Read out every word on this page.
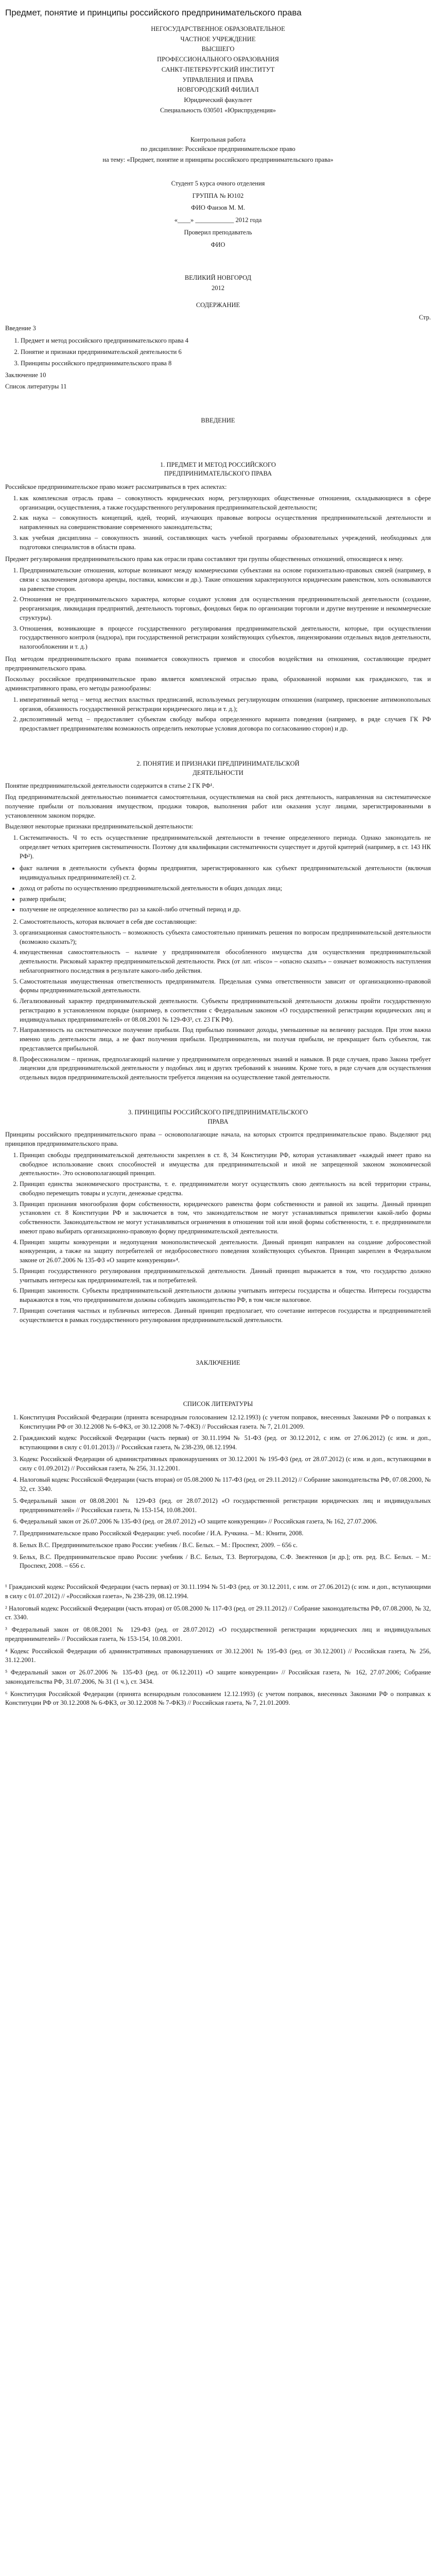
Предмет, понятие и принципы российского предпринимательского права

НЕГОСУДАРСТВЕННОЕ ОБРАЗОВАТЕЛЬНОЕ

ЧАСТНОЕ УЧРЕЖДЕНИЕ

ВЫСШЕГО

ПРОФЕССИОНАЛЬНОГО ОБРАЗОВАНИЯ

САНКТ-ПЕТЕРБУРГСКИЙ ИНСТИТУТ

УПРАВЛЕНИЯ И ПРАВА

НОВГОРОДСКИЙ ФИЛИАЛ

Юридический факультет

Специальность 030501 «Юриспруденция»

Контрольная работа

по дисциплине: Российское предпринимательское право

на тему: «Предмет, понятие и принципы российского предпринимательского права»

Студент 5 курса очного отделения

ГРУППА № Ю102

ФИО Фаизов М. М.

«____» ____________ 2012 года

Проверил преподаватель

ФИО

ВЕЛИКИЙ НОВГОРОД

2012

СОДЕРЖАНИЕ

Стр.

Введение 3

1. Предмет и метод российского предпринимательского права 4
2. Понятие и признаки предпринимательской деятельности 6
3. Принципы российского предпринимательского права 8

Заключение 10

Список литературы 11

ВВЕДЕНИЕ

1. ПРЕДМЕТ И МЕТОД РОССИЙСКОГО

ПРЕДПРИНИМАТЕЛЬСКОГО ПРАВА

Российское предпринимательское право может рассматриваться в трех аспектах:

1. как комплексная отрасль права – совокупность юридических норм, регулирующих общественные отношения, складывающиеся в сфере организации, осуществления, а также государственного регулирования предпринимательской деятельности;
2. как наука – совокупность концепций, идей, теорий, изучающих правовые вопросы осуществления предпринимательской деятельности и направленных на совершенствование современного законодательства;
3. как учебная дисциплина – совокупность знаний, составляющих часть учебной программы образовательных учреждений, необходимых для подготовки специалистов в области права.

Предмет регулирования предпринимательского права как отрасли права составляют три группы общественных отношений, относящиеся к нему.

1. Предпринимательские отношения, которые возникают между коммерческими субъектами на основе горизонтально-правовых связей (например, в связи с заключением договора аренды, поставки, комиссии и др.). Такие отношения характеризуются юридическим равенством, хоть основываются на равенстве сторон.
2. Отношения не предпринимательского характера, которые создают условия для осуществления предпринимательской деятельности (создание, реорганизация, ликвидация предприятий, деятельность торговых, фондовых бирж по организации торговли и другие внутренние и некоммерческие структуры).
3. Отношения, возникающие в процессе государственного регулирования предпринимательской деятельности, которые, при осуществлении государственного контроля (надзора), при государственной регистрации хозяйствующих субъектов, лицензировании отдельных видов деятельности, налогообложении и т. д.)

Под методом предпринимательского права понимается совокупность приемов и способов воздействия на отношения, составляющие предмет предпринимательского права.

Поскольку российское предпринимательское право является комплексной отраслью права, образованной нормами как гражданского, так и административного права, его методы разнообразны:

1. императивный метод – метод жестких властных предписаний, используемых регулирующим отношения (например, присвоение антимонопольных органов, обязанность государственной регистрации юридического лица и т. д.);
2. диспозитивный метод – предоставляет субъектам свободу выбора определенного варианта поведения (например, в ряде случаев ГК РФ предоставляет предпринимателям возможность определить некоторые условия договора по согласованию сторон) и др.

2. ПОНЯТИЕ И ПРИЗНАКИ ПРЕДПРИНИМАТЕЛЬСКОЙ

ДЕЯТЕЛЬНОСТИ

Понятие предпринимательской деятельности содержится в статье 2 ГК РФ¹.

Под предпринимательской деятельностью понимается самостоятельная, осуществляемая на свой риск деятельность, направленная на систематическое получение прибыли от пользования имуществом, продажи товаров, выполнения работ или оказания услуг лицами, зарегистрированными в установленном законом порядке.

Выделяют некоторые признаки предпринимательской деятельности:

1. Систематичность. Ч то есть осуществление предпринимательской деятельности в течение определенного периода. Однако законодатель не определяет четких критериев систематичности. Поэтому для квалификации систематичности существует и другой критерий (например, в ст. 143 НК РФ²).
• факт наличия в деятельности субъекта формы предприятия, зарегистрированного как субъект предпринимательской деятельности (включая индивидуальных предпринимателей) ст. 2.
• доход от работы по осуществлению предпринимательской деятельности в общих доходах лица;
• размер прибыли;
• получение не определенное количество раз за какой-либо отчетный период и др.
2. Самостоятельность, которая включает в себя две составляющие:
3. организационная самостоятельность – возможность субъекта самостоятельно принимать решения по вопросам предпринимательской деятельности (возможно сказать?);
4. имущественная самостоятельность – наличие у предпринимателя обособленного имущества для осуществления предпринимательской деятельности. Рисковый характер предпринимательской деятельности. Риск (от лат. «risco» – «опасно сказать» – означает возможность наступления неблагоприятного последствия в результате какого-либо действия.
5. Самостоятельная имущественная ответственность предпринимателя. Предельная сумма ответственности зависит от организационно-правовой формы предпринимательской деятельности.
6. Легализованный характер предпринимательской деятельности. Субъекты предпринимательской деятельности должны пройти государственную регистрацию в установленном порядке (например, в соответствии с Федеральным законом «О государственной регистрации юридических лиц и индивидуальных предпринимателей» от 08.08.2001 № 129-ФЗ³, ст. 23 ГК РФ).
7. Направленность на систематическое получение прибыли. Под прибылью понимают доходы, уменьшенные на величину расходов. При этом важна именно цель деятельности лица, а не факт получения прибыли. Предприниматель, ни получая прибыли, не прекращает быть субъектом, так представляется прибыльной.
8. Профессионализм – признак, предполагающий наличие у предпринимателя определенных знаний и навыков. В ряде случаев, право Закона требует лицензии для предпринимательской деятельности у подобных лиц и других требований к знаниям. Кроме того, в ряде случаев для осуществления отдельных видов предпринимательской деятельности требуется лицензия на осуществление такой деятельности.

3. ПРИНЦИПЫ РОССИЙСКОГО ПРЕДПРИНИМАТЕЛЬСКОГО

ПРАВА

Принципы российского предпринимательского права – основополагающие начала, на которых строится предпринимательское право. Выделяют ряд принципов предпринимательского права.

1. Принцип свободы предпринимательской деятельности закреплен в ст. 8, 34 Конституции РФ, которая устанавливает «каждый имеет право на свободное использование своих способностей и имущества для предпринимательской и иной не запрещенной законом экономической деятельности». Это основополагающий принцип.
2. Принцип единства экономического пространства, т. е. предприниматели могут осуществлять свою деятельность на всей территории страны, свободно перемещать товары и услуги, денежные средства.
3. Принцип признания многообразия форм собственности, юридического равенства форм собственности и равной их защиты. Данный принцип установлен ст. 8 Конституции РФ и заключается в том, что законодательством не могут устанавливаться привилегии какой-либо формы собственности. Законодательством не могут устанавливаться ограничения в отношении той или иной формы собственности, т. е. предприниматели имеют право выбирать организационно-правовую форму предпринимательской деятельности.
4. Принцип защиты конкуренции и недопущения монополистической деятельности. Данный принцип направлен на создание добросовестной конкуренции, а также на защиту потребителей от недобросовестного поведения хозяйствующих субъектов. Принцип закреплен в Федеральном законе от 26.07.2006 № 135-ФЗ «О защите конкуренции»⁴.
5. Принцип государственного регулирования предпринимательской деятельности. Данный принцип выражается в том, что государство должно учитывать интересы как предпринимателей, так и потребителей.
6. Принцип законности. Субъекты предпринимательской деятельности должны учитывать интересы государства и общества. Интересы государства выражаются в том, что предприниматели должны соблюдать законодательство РФ, в том числе налоговое.
7. Принцип сочетания частных и публичных интересов. Данный принцип предполагает, что сочетание интересов государства и предпринимателей осуществляется в рамках государственного регулирования предпринимательской деятельности.

ЗАКЛЮЧЕНИЕ

СПИСОК ЛИТЕРАТУРЫ

1. Конституция Российской Федерации (принята всенародным голосованием 12.12.1993) (с учетом поправок, внесенных Законами РФ о поправках к Конституции РФ от 30.12.2008 № 6-ФКЗ, от 30.12.2008 № 7-ФКЗ) // Российская газета. № 7, 21.01.2009.
2. Гражданский кодекс Российской Федерации (часть первая) от 30.11.1994 № 51-ФЗ (ред. от 30.12.2012, с изм. от 27.06.2012) (с изм. и доп., вступающими в силу с 01.01.2013) // Российская газета, № 238-239, 08.12.1994.
3. Кодекс Российской Федерации об административных правонарушениях от 30.12.2001 № 195-ФЗ (ред. от 28.07.2012) (с изм. и доп., вступающими в силу с 01.09.2012) // Российская газета, № 256, 31.12.2001.
4. Налоговый кодекс Российской Федерации (часть вторая) от 05.08.2000 № 117-ФЗ (ред. от 29.11.2012) // Собрание законодательства РФ, 07.08.2000, № 32, ст. 3340.
5. Федеральный закон от 08.08.2001 № 129-ФЗ (ред. от 28.07.2012) «О государственной регистрации юридических лиц и индивидуальных предпринимателей» // Российская газета, № 153-154, 10.08.2001.
6. Федеральный закон от 26.07.2006 № 135-ФЗ (ред. от 28.07.2012) «О защите конкуренции» // Российская газета, № 162, 27.07.2006.
7. Предпринимательское право Российской Федерации: учеб. пособие / И.А. Ручкина. – М.: Юнити, 2008.
8. Белых В.С. Предпринимательское право России: учебник / В.С. Белых. – М.: Проспект, 2009. – 656 с.
9. Бельх, В.С. Предпринимательское право России: учебник / В.С. Белых, Т.З. Вертоградова, С.Ф. Звежтенков [и др.]; отв. ред. В.С. Белых. – М.: Проспект, 2008. – 656 с.

¹ Гражданский кодекс Российской Федерации (часть первая) от 30.11.1994 № 51-ФЗ (ред. от 30.12.2011, с изм. от 27.06.2012) (с изм. и доп., вступающими в силу с 01.07.2012) // «Российская газета», № 238-239, 08.12.1994.

² Налоговый кодекс Российской Федерации (часть вторая) от 05.08.2000 № 117-ФЗ (ред. от 29.11.2012) // Собрание законодательства РФ, 07.08.2000, № 32, ст. 3340.

³ Федеральный закон от 08.08.2001 № 129-ФЗ (ред. от 28.07.2012) «О государственной регистрации юридических лиц и индивидуальных предпринимателей» // Российская газета, № 153-154, 10.08.2001.

⁴ Кодекс Российской Федерации об административных правонарушениях от 30.12.2001 № 195-ФЗ (ред. от 30.12.2001) // Российская газета, № 256, 31.12.2001.

⁵ Федеральный закон от 26.07.2006 № 135-ФЗ (ред. от 06.12.2011) «О защите конкуренции» // Российская газета, № 162, 27.07.2006; Собрание законодательства РФ, 31.07.2006, № 31 (1 ч.), ст. 3434.

⁶ Конституция Российской Федерации (принята всенародным голосованием 12.12.1993) (с учетом поправок, внесенных Законами РФ о поправках к Конституции РФ от 30.12.2008 № 6-ФКЗ, от 30.12.2008 № 7-ФКЗ) // Российская газета, № 7, 21.01.2009.
